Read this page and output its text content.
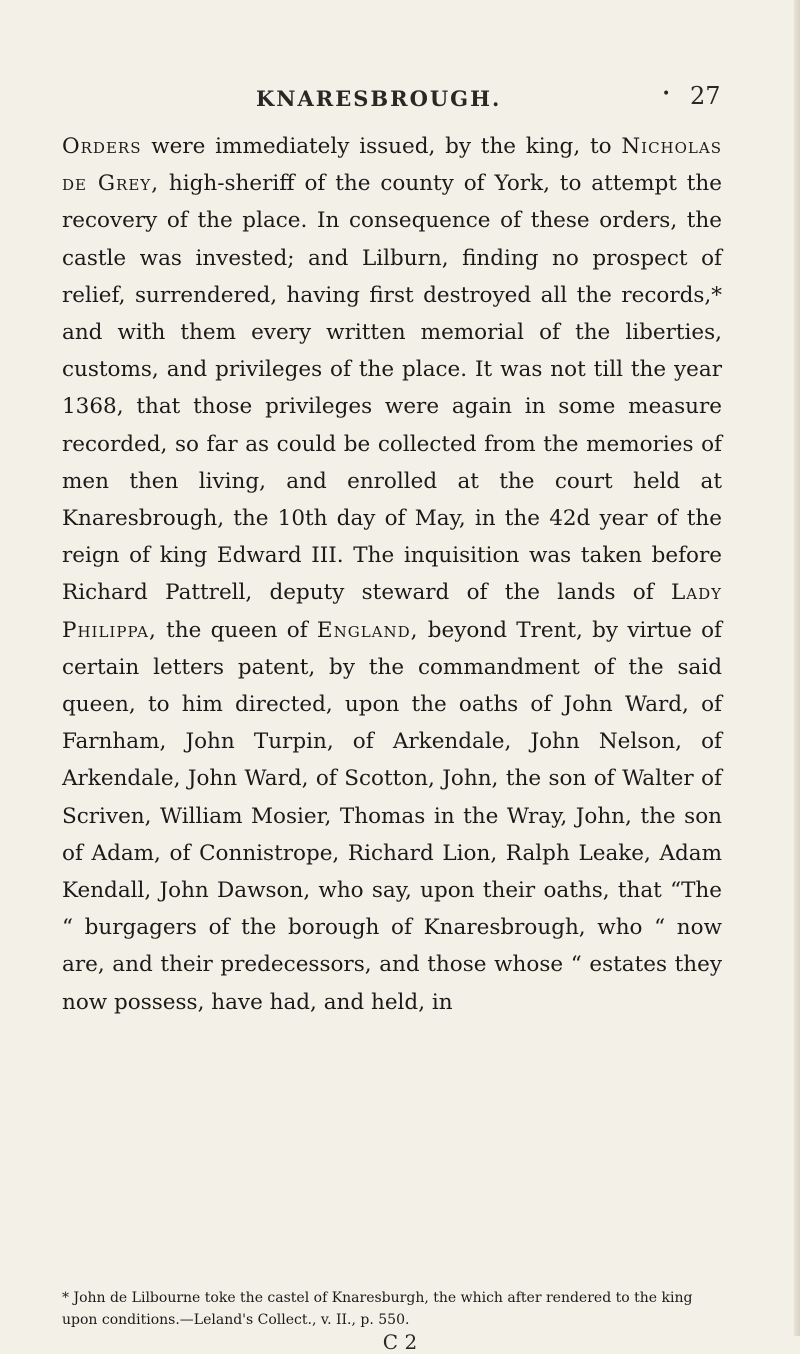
KNARESBROUGH.
•	27

Orders were immediately issued, by the king, to Nicholas de Grey, high-sheriff of the county of York, to attempt the recovery of the place. In consequence of these orders, the castle was invested; and Lilburn, finding no prospect of relief, surrendered, having first destroyed all the records,* and with them every written memorial of the liberties, customs, and privileges of the place. It was not till the year 1368, that those privileges were again in some measure recorded, so far as could be collected from the memories of men then living, and enrolled at the court held at Knaresbrough, the 10th day of May, in the 42d year of the reign of king Edward III. The inquisition was taken before Richard Pattrell, deputy steward of the lands of Lady Philippa, the queen of England, beyond Trent, by virtue of certain letters patent, by the commandment of the said queen, to him directed, upon the oaths of John Ward, of Farnham, John Turpin, of Arkendale, John Nelson, of Arkendale, John Ward, of Scotton, John, the son of Walter of Scriven, William Mosier, Thomas in the Wray, John, the son of Adam, of Connistrope, Richard Lion, Ralph Leake, Adam Kendall, John Dawson, who say, upon their oaths, that “The “ burgagers of the borough of Knaresbrough, who “ now are, and their predecessors, and those whose “ estates they now possess, have had, and held, in

* John de Lilbourne toke the castel of Knaresburgh, the which after rendered to the king upon conditions.—Leland's Collect., v. II., p. 550.

C 2
